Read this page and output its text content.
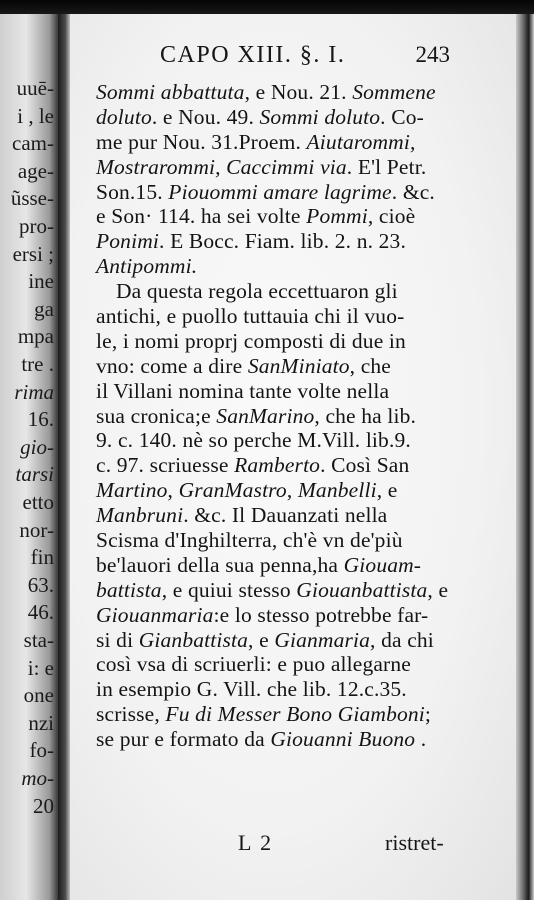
uuē-
i , le
cam-
age-
ũsse-
pro-
ersi ;
ine
ga
mpa
tre .
rima
16.
gio-
tarsi
etto
nor-
fin
63.
46.
sta-
i: e
one
nzi
fo-
mo-
20
CAPO XIII. §. I.	243
Sommi abbattuta, e Nou. 21. Sommene
doluto. e Nou. 49. Sommi doluto. Co-
me pur Nou. 31.Proem. Aiutarommi,
Mostrarommi, Caccimmi via. E'l Petr.
Son.15. Piouommi amare lagrime. &c.
e Son· 114. ha sei volte Pommi, cioè
Ponimi. E Bocc. Fiam. lib. 2. n. 23.
Antipommi.
Da questa regola eccettuaron gli
antichi, e puollo tuttauia chi il vuo-
le, i nomi proprj composti di due in
vno: come a dire SanMiniato, che
il Villani nomina tante volte nella
sua cronica;e SanMarino, che ha lib.
9. c. 140. nè so perche M.Vill. lib.9.
c. 97. scriuesse Ramberto. Così San
Martino, GranMastro, Manbelli, e
Manbruni. &c. Il Dauanzati nella
Scisma d'Inghilterra, ch'è vn de'più
be'lauori della sua penna,ha Giouam-
battista, e quiui stesso Giouanbattista, e
Giouanmaria:e lo stesso potrebbe far-
si di Gianbattista, e Gianmaria, da chi
così vsa di scriuerli: e puo allegarne
in esempio G. Vill. che lib. 12.c.35.
scrisse, Fu di Messer Bono Giamboni;
se pur e formato da Giouanni Buono .
L 2	ristret-
